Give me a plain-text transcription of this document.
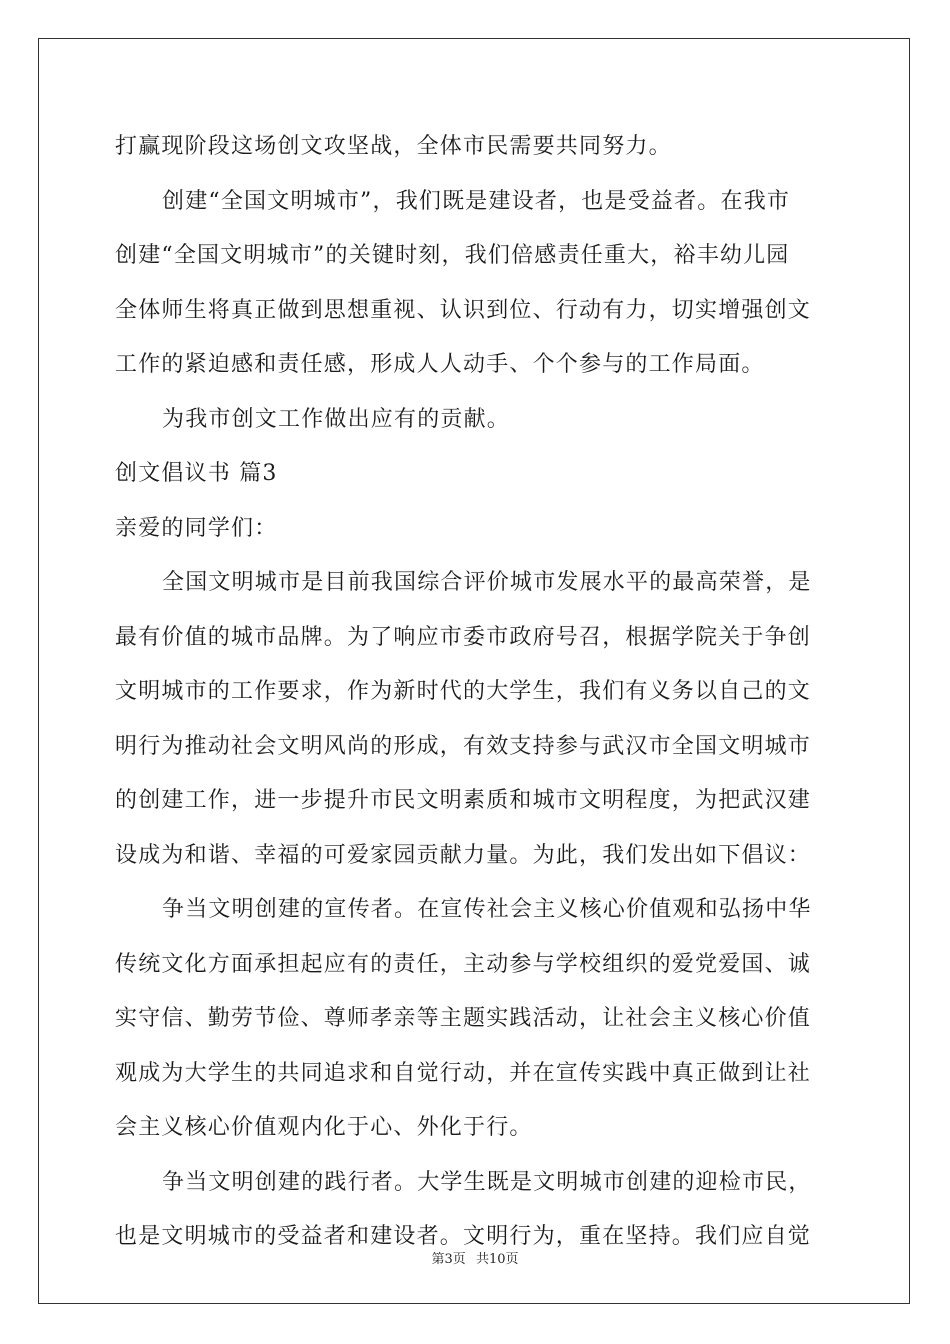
打赢现阶段这场创文攻坚战，全体市民需要共同努力。
创建“全国文明城市”，我们既是建设者，也是受益者。在我市
创建“全国文明城市”的关键时刻，我们倍感责任重大，裕丰幼儿园
全体师生将真正做到思想重视、认识到位、行动有力，切实增强创文
工作的紧迫感和责任感，形成人人动手、个个参与的工作局面。
为我市创文工作做出应有的贡献。
创文倡议书 篇3
亲爱的同学们：
全国文明城市是目前我国综合评价城市发展水平的最高荣誉，是
最有价值的城市品牌。为了响应市委市政府号召，根据学院关于争创
文明城市的工作要求，作为新时代的大学生，我们有义务以自己的文
明行为推动社会文明风尚的形成，有效支持参与武汉市全国文明城市
的创建工作，进一步提升市民文明素质和城市文明程度，为把武汉建
设成为和谐、幸福的可爱家园贡献力量。为此，我们发出如下倡议：
争当文明创建的宣传者。在宣传社会主义核心价值观和弘扬中华
传统文化方面承担起应有的责任，主动参与学校组织的爱党爱国、诚
实守信、勤劳节俭、尊师孝亲等主题实践活动，让社会主义核心价值
观成为大学生的共同追求和自觉行动，并在宣传实践中真正做到让社
会主义核心价值观内化于心、外化于行。
争当文明创建的践行者。大学生既是文明城市创建的迎检市民，
也是文明城市的受益者和建设者。文明行为，重在坚持。我们应自觉
第3页 共10页
